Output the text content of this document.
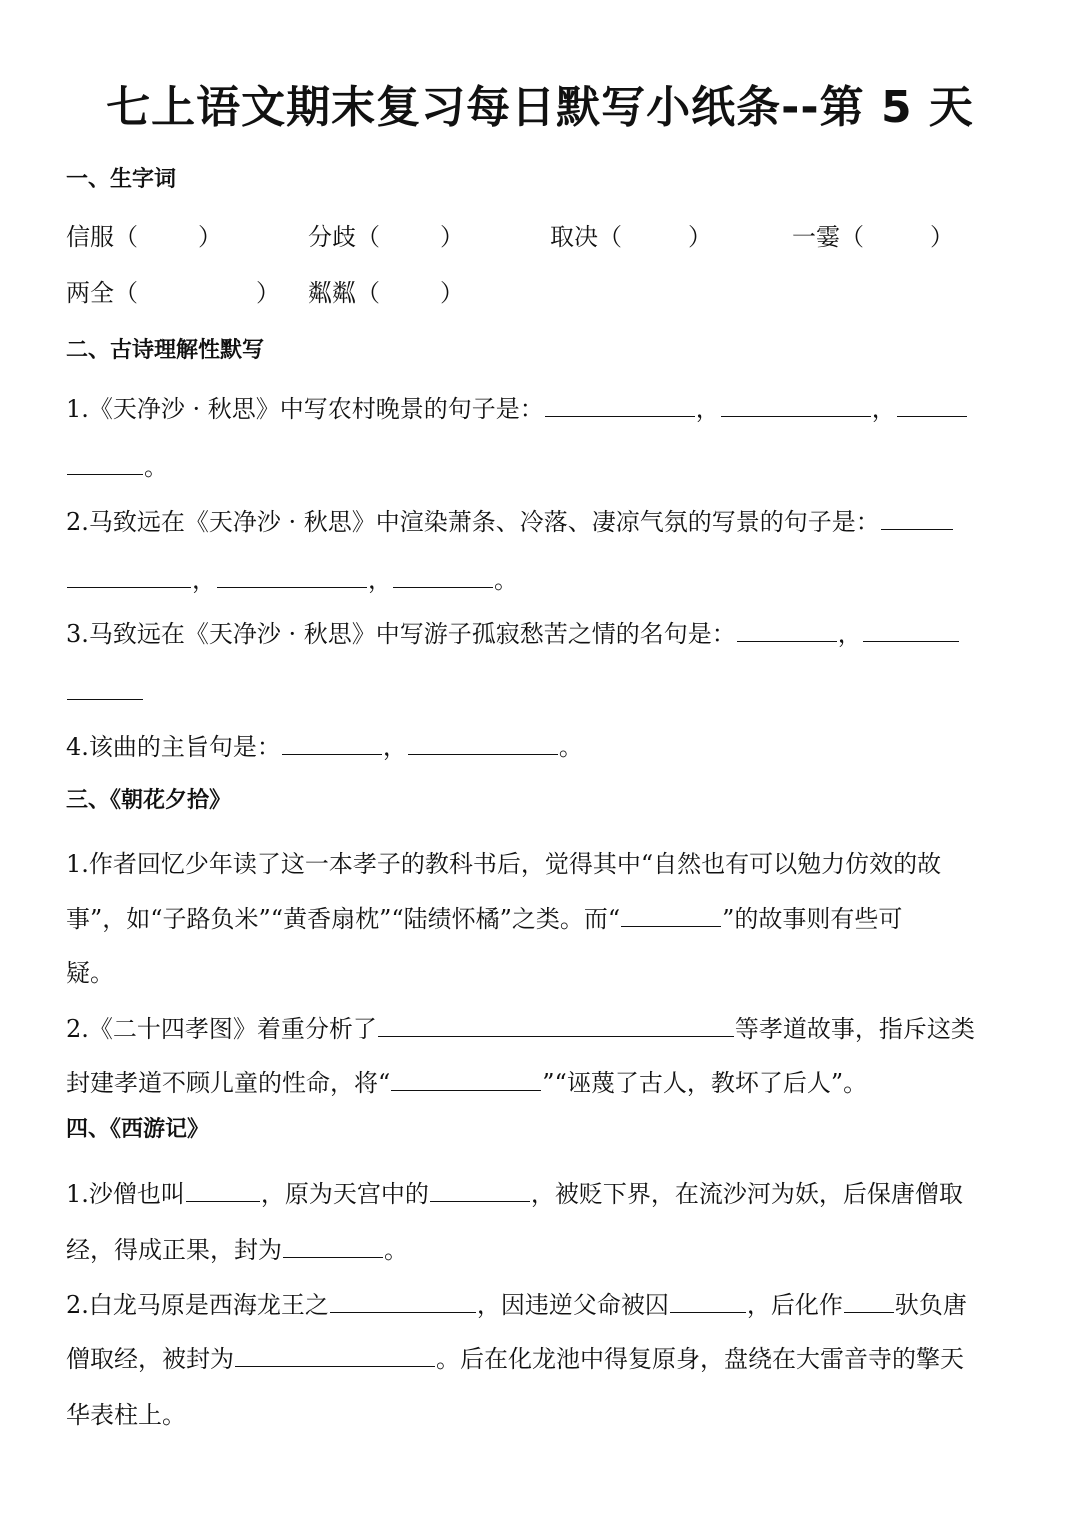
七上语文期末复习每日默写小纸条--第 5 天
一、生字词
信服（	）	分歧（	）	取决（	）	一霎（	）
两全（	） 粼粼（	）
二、古诗理解性默写
1.《天净沙 · 秋思》中写农村晚景的句子是：	，	，
。
2.马致远在《天净沙 · 秋思》中渲染萧条、冷落、凄凉气氛的写景的句子是：
，	，	。
3.马致远在《天净沙 · 秋思》中写游子孤寂愁苦之情的名句是：	，
4.该曲的主旨句是：	，	。
三、《朝花夕拾》
1.作者回忆少年读了这一本孝子的教科书后，觉得其中“自然也有可以勉力仿效的故
事”，如“子路负米”“黄香扇枕”“陆绩怀橘”之类。而“	”的故事则有些可
疑。
2.《二十四孝图》着重分析了	等孝道故事，指斥这类
封建孝道不顾儿童的性命，将“	”“诬蔑了古人，教坏了后人”。
四、《西游记》
1.沙僧也叫	，原为天宫中的	，被贬下界，在流沙河为妖，后保唐僧取
经，得成正果，封为	。
2.白龙马原是西海龙王之	，因违逆父命被囚	，后化作 驮负唐
僧取经，被封为	。后在化龙池中得复原身，盘绕在大雷音寺的擎天
华表柱上。
